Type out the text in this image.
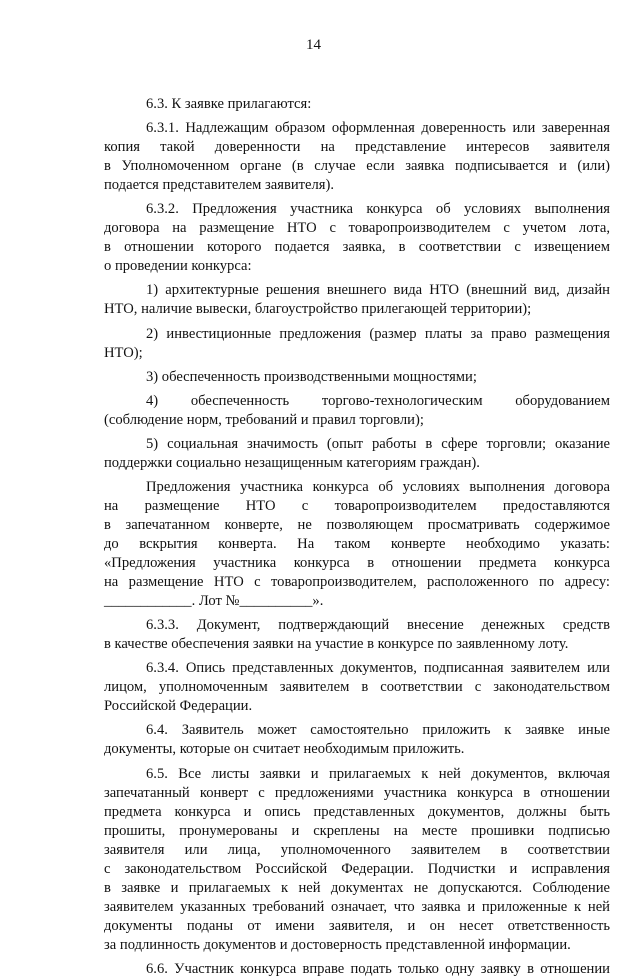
14
6.3. К заявке прилагаются:
6.3.1. Надлежащим образом оформленная доверенность или заверенная
копия такой доверенности на представление интересов заявителя
в Уполномоченном органе (в случае если заявка подписывается и (или)
подается представителем заявителя).
6.3.2. Предложения участника конкурса об условиях выполнения
договора на размещение НТО с товаропроизводителем с учетом лота,
в отношении которого подается заявка, в соответствии с извещением
о проведении конкурса:
1) архитектурные решения внешнего вида НТО (внешний вид, дизайн
НТО, наличие вывески, благоустройство прилегающей территории);
2) инвестиционные предложения (размер платы за право размещения
НТО);
3) обеспеченность производственными мощностями;
4) обеспеченность торгово-технологическим оборудованием
(соблюдение норм, требований и правил торговли);
5) социальная значимость (опыт работы в сфере торговли; оказание
поддержки социально незащищенным категориям граждан).
Предложения участника конкурса об условиях выполнения договора
на размещение НТО с товаропроизводителем предоставляются
в запечатанном конверте, не позволяющем просматривать содержимое
до вскрытия конверта. На таком конверте необходимо указать:
«Предложения участника конкурса в отношении предмета конкурса
на размещение НТО с товаропроизводителем, расположенного по адресу:
____________. Лот №__________».
6.3.3. Документ, подтверждающий внесение денежных средств
в качестве обеспечения заявки на участие в конкурсе по заявленному лоту.
6.3.4. Опись представленных документов, подписанная заявителем или
лицом, уполномоченным заявителем в соответствии с законодательством
Российской Федерации.
6.4. Заявитель может самостоятельно приложить к заявке иные
документы, которые он считает необходимым приложить.
6.5. Все листы заявки и прилагаемых к ней документов, включая
запечатанный конверт с предложениями участника конкурса в отношении
предмета конкурса и опись представленных документов, должны быть
прошиты, пронумерованы и скреплены на месте прошивки подписью
заявителя или лица, уполномоченного заявителем в соответствии
с законодательством Российской Федерации. Подчистки и исправления
в заявке и прилагаемых к ней документах не допускаются. Соблюдение
заявителем указанных требований означает, что заявка и приложенные к ней
документы поданы от имени заявителя, и он несет ответственность
за подлинность документов и достоверность представленной информации.
6.6. Участник конкурса вправе подать только одну заявку в отношении
